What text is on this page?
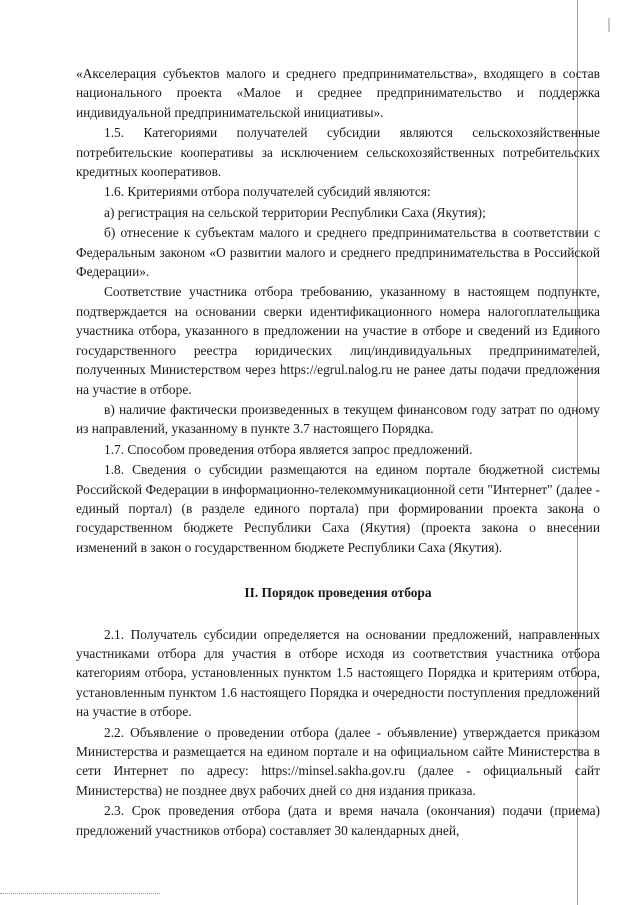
«Акселерация субъектов малого и среднего предпринимательства», входящего в состав национального проекта «Малое и среднее предпринимательство и поддержка индивидуальной предпринимательской инициативы».

1.5. Категориями получателей субсидии являются сельскохозяйственные потребительские кооперативы за исключением сельскохозяйственных потребительских кредитных кооперативов.

1.6. Критериями отбора получателей субсидий являются:

а) регистрация на сельской территории Республики Саха (Якутия);

б) отнесение к субъектам малого и среднего предпринимательства в соответствии с Федеральным законом «О развитии малого и среднего предпринимательства в Российской Федерации».

Соответствие участника отбора требованию, указанному в настоящем подпункте, подтверждается на основании сверки идентификационного номера налогоплательщика участника отбора, указанного в предложении на участие в отборе и сведений из Единого государственного реестра юридических лиц/индивидуальных предпринимателей, полученных Министерством через https://egrul.nalog.ru не ранее даты подачи предложения на участие в отборе.

в) наличие фактически произведенных в текущем финансовом году затрат по одному из направлений, указанному в пункте 3.7 настоящего Порядка.

1.7. Способом проведения отбора является запрос предложений.

1.8. Сведения о субсидии размещаются на едином портале бюджетной системы Российской Федерации в информационно-телекоммуникационной сети "Интернет" (далее - единый портал) (в разделе единого портала) при формировании проекта закона о государственном бюджете Республики Саха (Якутия) (проекта закона о внесении изменений в закон о государственном бюджете Республики Саха (Якутия).

II. Порядок проведения отбора

2.1. Получатель субсидии определяется на основании предложений, направленных участниками отбора для участия в отборе исходя из соответствия участника отбора категориям отбора, установленных пунктом 1.5 настоящего Порядка и критериям отбора, установленным пунктом 1.6 настоящего Порядка и очередности поступления предложений на участие в отборе.

2.2. Объявление о проведении отбора (далее - объявление) утверждается приказом Министерства и размещается на едином портале и на официальном сайте Министерства в сети Интернет по адресу: https://minsel.sakha.gov.ru (далее - официальный сайт Министерства) не позднее двух рабочих дней со дня издания приказа.

2.3. Срок проведения отбора (дата и время начала (окончания) подачи (приема) предложений участников отбора) составляет 30 календарных дней,
